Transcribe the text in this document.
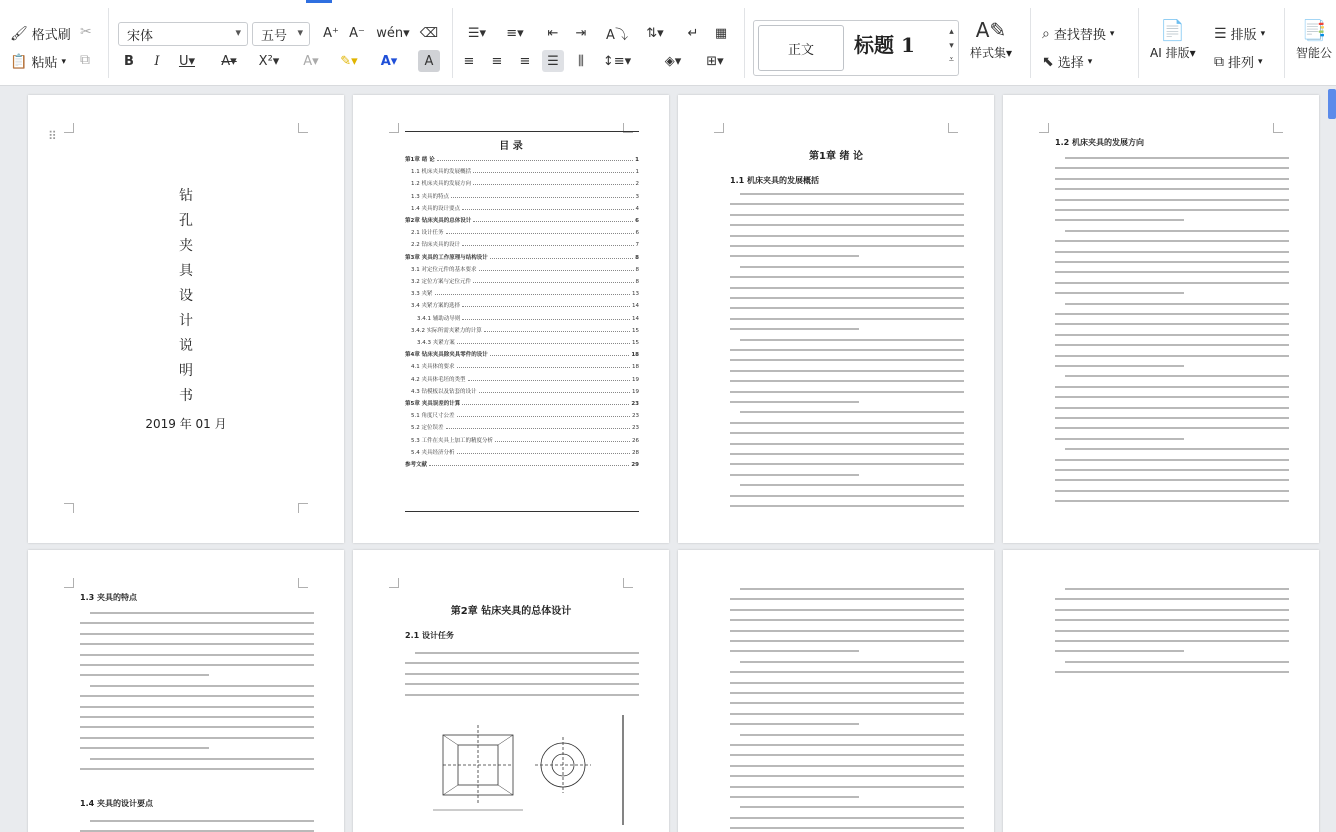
🖌 格式刷 ✂
📋 粘贴 ▾ ⧉
宋体	▾ 五号 ▾ A⁺ A⁻ wén▾ ⌫
B	I	U▾ A▾ X²▾ A▾ ✎▾ A▾	A
☰▾	≡▾	⇤	⇥	A⤵	⇅▾	↵	▦
≡	≡	≡	☰	⫼	↕≡▾	◈▾	⊞▾
正文 标题 1
▴
▾
⩡
A✎
样式集▾
⌕ 查找替换 ▾
⬉ 选择 ▾
📄
AI 排版▾
☰ 排版 ▾
⧉ 排列 ▾
📑
智能公
⠿
钻
孔
夹
具
设
计
说
明
书
2019 年 01 月
目 录
第1章 绪 论	1
1.1 机床夹具的发展概括	1
1.2 机床夹具的发展方向	2
1.3 夹具的特点	3
1.4 夹具的设计要点	4
第2章 钻床夹具的总体设计	6
2.1 设计任务	6
2.2 钻床夹具的设计	7
第3章 夹具的工作原理与结构设计	8
3.1 对定位元件的基本要求	8
3.2 定位方案与定位元件	8
3.3 夹紧	13
3.4 夹紧方案的选择	14
3.4.1 辅助动导则	14
3.4.2 实际所需夹紧力的计算	15
3.4.3 夹紧方案	15
第4章 钻床夹具除夹具零件的设计	18
4.1 夹具体的要求	18
4.2 夹具体毛坯的类型	19
4.3 钻模板以及钻套的设计	19
第5章 夹具误差的计算	23
5.1 角度尺寸公差	23
5.2 定位误差	23
5.3 工件在夹具上加工的精度分析	26
5.4 夹具经济分析	28
参考文献	29
第1章 绪 论
1.1 机床夹具的发展概括
1.2 机床夹具的发展方向
1.3 夹具的特点
1.4 夹具的设计要点
第2章 钻床夹具的总体设计
2.1 设计任务
